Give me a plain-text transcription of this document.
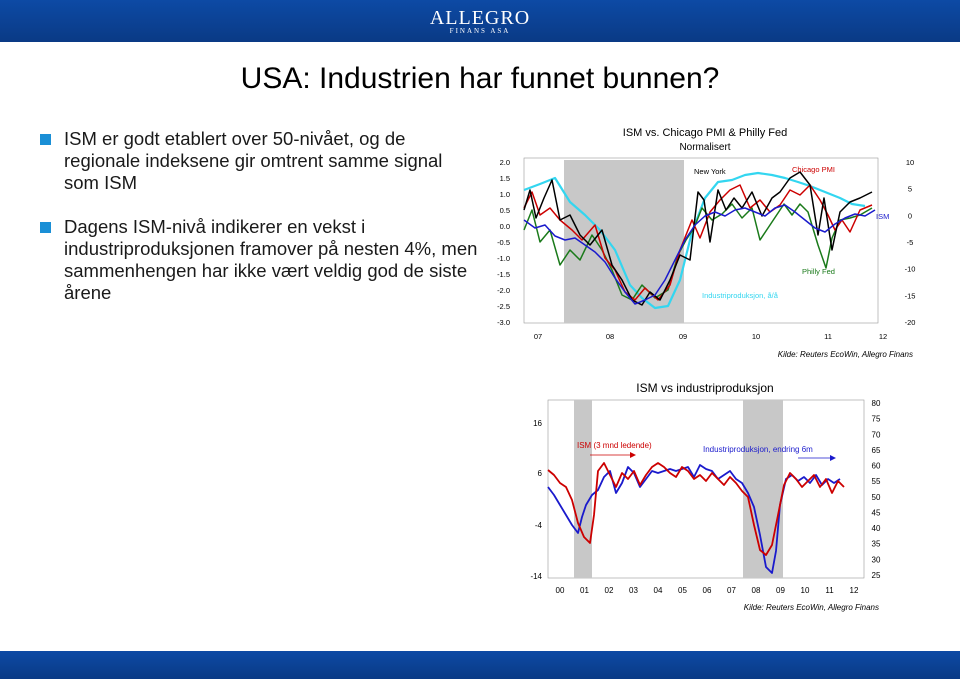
ALLEGRO
FINANS ASA
USA: Industrien har funnet bunnen?
ISM er godt etablert over 50-nivået, og de regionale indeksene gir omtrent samme signal som ISM
Dagens ISM-nivå indikerer en vekst i industriproduksjonen framover på nesten 4%, men sammenhengen har ikke vært veldig god de siste årene
ISM vs. Chicago PMI & Philly Fed
Normalisert
2.0
1.5
1.0
0.5
0.0
-0.5
-1.0
-1.5
-2.0
-2.5
-3.0
10
5
0
-5
-10
-15
-20
07	08	09	10	11	12
New York	Chicago PMI
ISM
Philly Fed
Industriproduksjon, å/å
Kilde: Reuters EcoWin, Allegro Finans
ISM vs industriproduksjon
16
6
-4
-14
80
75
70
65
60
55
50
45
40
35
30
25
00 01 02 03 04 05 06 07 08 09 10 11 12
ISM (3 mnd ledende)	Industriproduksjon, endring 6m
Kilde: Reuters EcoWin, Allegro Finans
